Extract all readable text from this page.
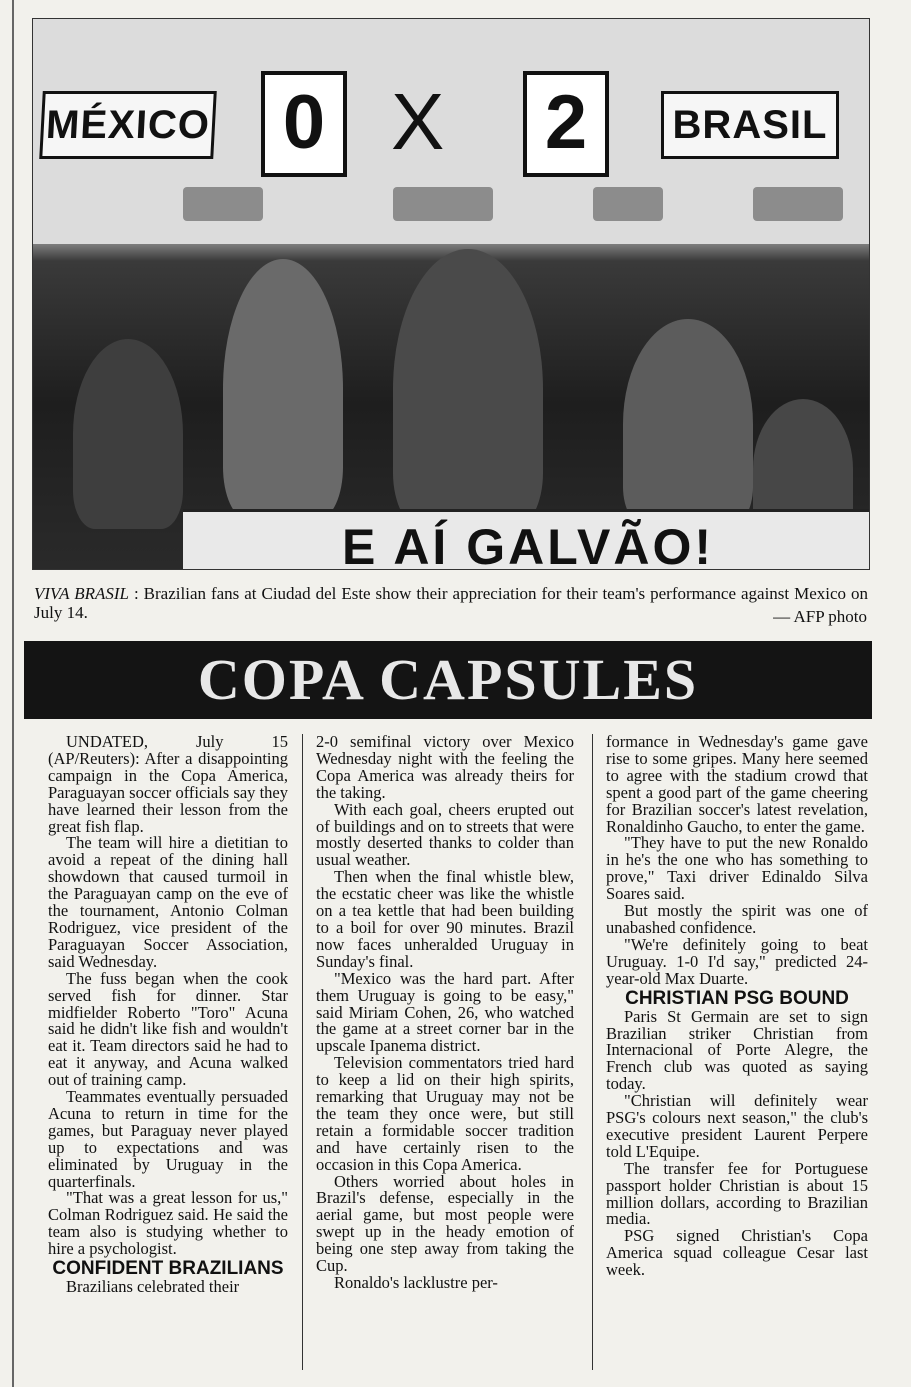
MÉXICO 0 X 2	BRASIL
E AÍ GALVÃO!
VIVA BRASIL : Brazilian fans at Ciudad del Este show their appreciation for their team's performance against Mexico on July 14.	— AFP photo
COPA CAPSULES

UNDATED, July 15 (AP/Reuters): After a disappointing campaign in the Copa America, Paraguayan soccer officials say they have learned their lesson from the great fish flap.

The team will hire a dietitian to avoid a repeat of the dining hall showdown that caused turmoil in the Paraguayan camp on the eve of the tournament, Antonio Colman Rodriguez, vice president of the Paraguayan Soccer Association, said Wednesday.

The fuss began when the cook served fish for dinner. Star midfielder Roberto "Toro" Acuna said he didn't like fish and wouldn't eat it. Team directors said he had to eat it anyway, and Acuna walked out of training camp.

Teammates eventually persuaded Acuna to return in time for the games, but Paraguay never played up to expectations and was eliminated by Uruguay in the quarterfinals.

"That was a great lesson for us," Colman Rodriguez said. He said the team also is studying whether to hire a psychologist.

CONFIDENT BRAZILIANS

Brazilians celebrated their

2-0 semifinal victory over Mexico Wednesday night with the feeling the Copa America was already theirs for the taking.

With each goal, cheers erupted out of buildings and on to streets that were mostly deserted thanks to colder than usual weather.

Then when the final whistle blew, the ecstatic cheer was like the whistle on a tea kettle that had been building to a boil for over 90 minutes. Brazil now faces unheralded Uruguay in Sunday's final.

"Mexico was the hard part. After them Uruguay is going to be easy," said Miriam Cohen, 26, who watched the game at a street corner bar in the upscale Ipanema district.

Television commentators tried hard to keep a lid on their high spirits, remarking that Uruguay may not be the team they once were, but still retain a formidable soccer tradition and have certainly risen to the occasion in this Copa America.

Others worried about holes in Brazil's defense, especially in the aerial game, but most people were swept up in the heady emotion of being one step away from taking the Cup.

Ronaldo's lacklustre per-

formance in Wednesday's game gave rise to some gripes. Many here seemed to agree with the stadium crowd that spent a good part of the game cheering for Brazilian soccer's latest revelation, Ronaldinho Gaucho, to enter the game.

"They have to put the new Ronaldo in he's the one who has something to prove," Taxi driver Edinaldo Silva Soares said.

But mostly the spirit was one of unabashed confidence.

"We're definitely going to beat Uruguay. 1-0 I'd say," predicted 24-year-old Max Duarte.

CHRISTIAN PSG BOUND

Paris St Germain are set to sign Brazilian striker Christian from Internacional of Porte Alegre, the French club was quoted as saying today.

"Christian will definitely wear PSG's colours next season," the club's executive president Laurent Perpere told L'Equipe.

The transfer fee for Portuguese passport holder Christian is about 15 million dollars, according to Brazilian media.

PSG signed Christian's Copa America squad colleague Cesar last week.
